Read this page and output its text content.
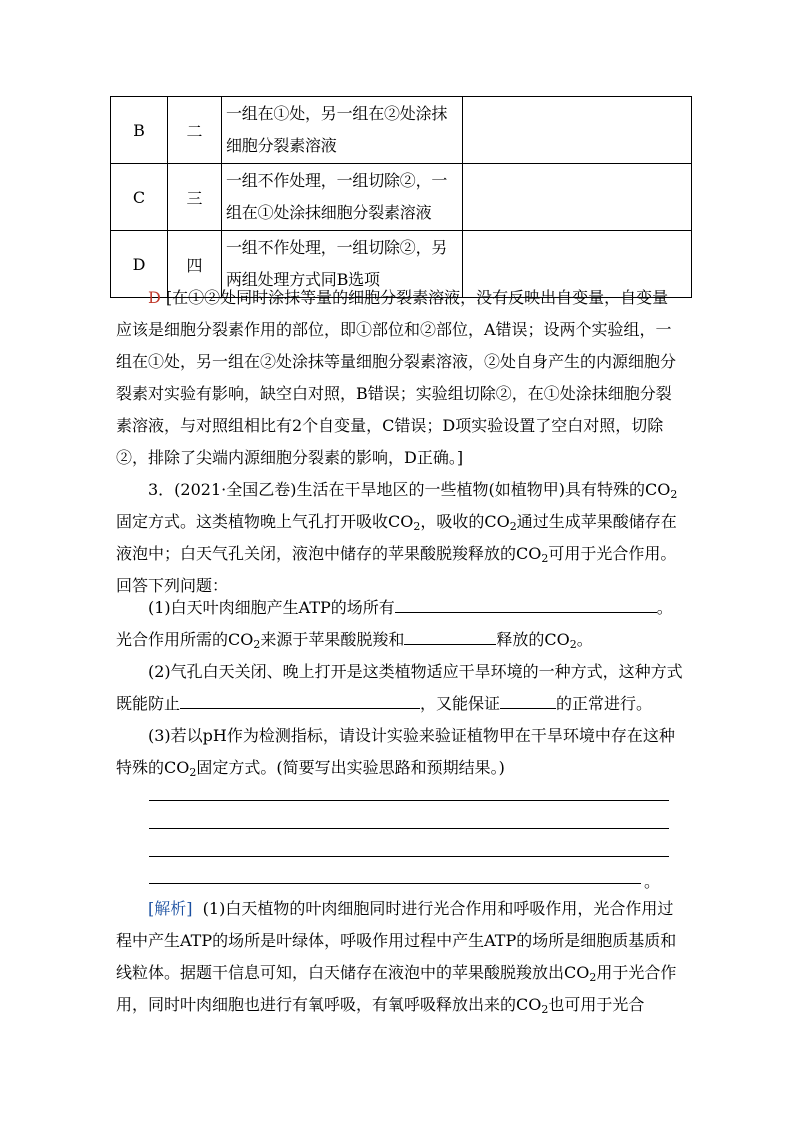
B	二	一组在①处，另一组在②处涂抹细胞分裂素溶液	
C	三	一组不作处理，一组切除②，一组在①处涂抹细胞分裂素溶液	
D	四	一组不作处理，一组切除②，另两组处理方式同B选项	
D [在①②处同时涂抹等量的细胞分裂素溶液，没有反映出自变量，自变量应该是细胞分裂素作用的部位，即①部位和②部位，A错误；设两个实验组，一组在①处，另一组在②处涂抹等量细胞分裂素溶液，②处自身产生的内源细胞分裂素对实验有影响，缺空白对照，B错误；实验组切除②，在①处涂抹细胞分裂素溶液，与对照组相比有2个自变量，C错误；D项实验设置了空白对照，切除②，排除了尖端内源细胞分裂素的影响，D正确。]
3．(2021·全国乙卷)生活在干旱地区的一些植物(如植物甲)具有特殊的$CO_2$固定方式。这类植物晚上气孔打开吸收$CO_2$，吸收的$CO_2$通过生成苹果酸储存在液泡中；白天气孔关闭，液泡中储存的苹果酸脱羧释放的$CO_2$可用于光合作用。回答下列问题：
(1)白天叶肉细胞产生ATP的场所有	。
光合作用所需的$CO_2$来源于苹果酸脱羧和	释放的$CO_2$。
(2)气孔白天关闭、晚上打开是这类植物适应干旱环境的一种方式，这种方式
既能防止	，又能保证	的正常进行。
(3)若以pH作为检测指标，请设计实验来验证植物甲在干旱环境中存在这种
特殊的$CO_2$固定方式。(简要写出实验思路和预期结果。)
。
[解析] (1)白天植物的叶肉细胞同时进行光合作用和呼吸作用，光合作用过程中产生ATP的场所是叶绿体，呼吸作用过程中产生ATP的场所是细胞质基质和线粒体。据题干信息可知，白天储存在液泡中的苹果酸脱羧放出$CO_2$用于光合作用，同时叶肉细胞也进行有氧呼吸，有氧呼吸释放出来的$CO_2$也可用于光合
